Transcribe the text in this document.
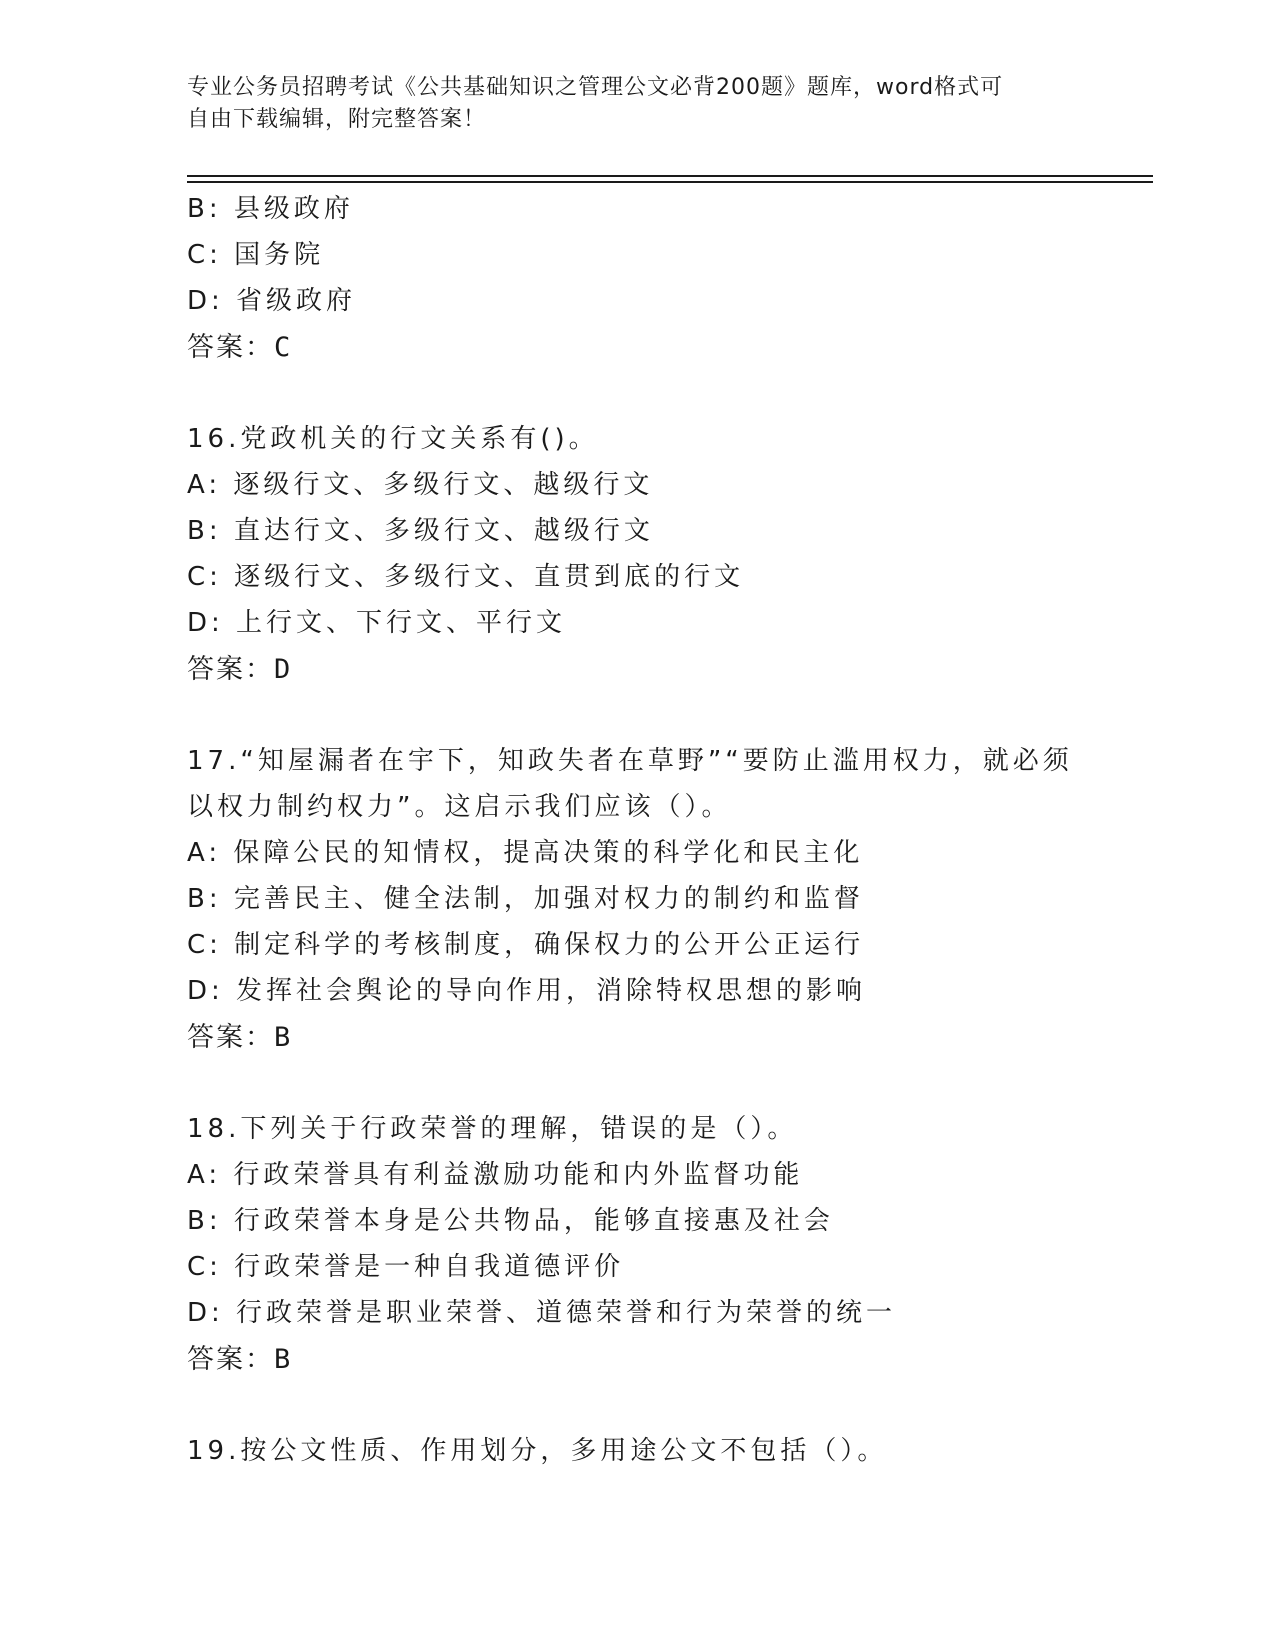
专业公务员招聘考试《公共基础知识之管理公文必背200题》题库，word格式可
自由下载编辑，附完整答案！
B: 县级政府
C: 国务院
D: 省级政府
答案：C
16.党政机关的行文关系有()。
A: 逐级行文、多级行文、越级行文
B: 直达行文、多级行文、越级行文
C: 逐级行文、多级行文、直贯到底的行文
D: 上行文、下行文、平行文
答案：D
17.“知屋漏者在宇下，知政失者在草野”“要防止滥用权力，就必须
以权力制约权力”。这启示我们应该（）。
A: 保障公民的知情权，提高决策的科学化和民主化
B: 完善民主、健全法制，加强对权力的制约和监督
C: 制定科学的考核制度，确保权力的公开公正运行
D: 发挥社会舆论的导向作用，消除特权思想的影响
答案：B
18.下列关于行政荣誉的理解，错误的是（）。
A: 行政荣誉具有利益激励功能和内外监督功能
B: 行政荣誉本身是公共物品，能够直接惠及社会
C: 行政荣誉是一种自我道德评价
D: 行政荣誉是职业荣誉、道德荣誉和行为荣誉的统一
答案：B
19.按公文性质、作用划分，多用途公文不包括（）。
